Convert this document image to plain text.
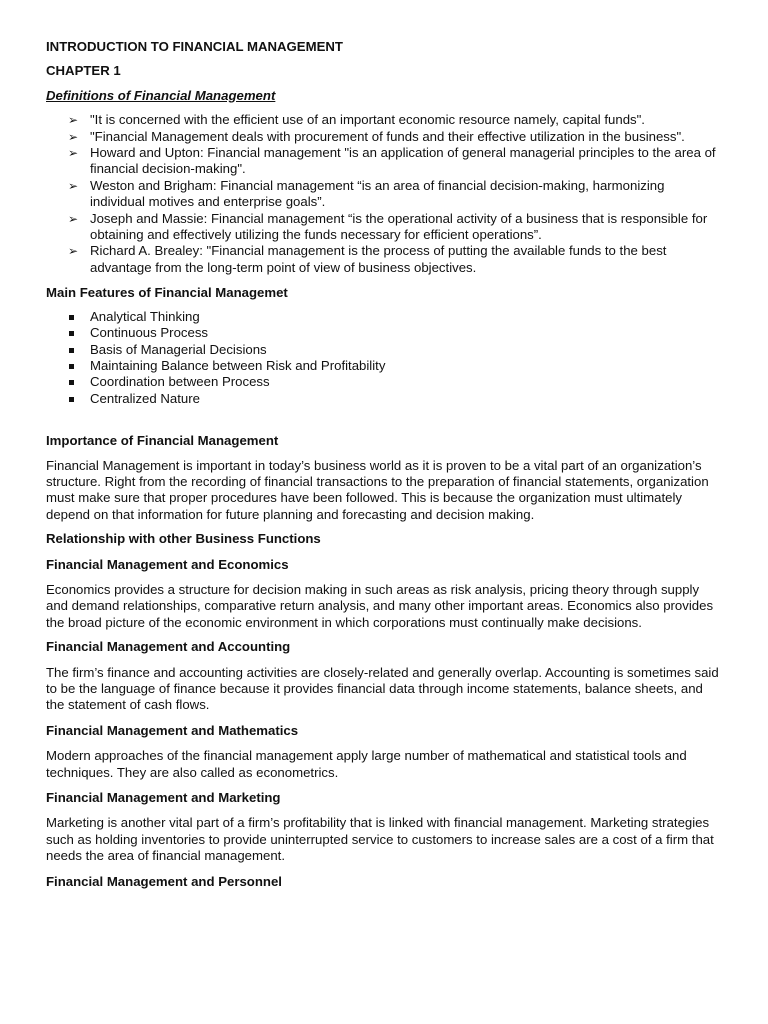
INTRODUCTION TO FINANCIAL MANAGEMENT

CHAPTER 1

Definitions of Financial Management

➢ "It is concerned with the efficient use of an important economic resource namely, capital funds".
➢ "Financial Management deals with procurement of funds and their effective utilization in the business".
➢ Howard and Upton: Financial management "is an application of general managerial principles to the area of financial decision-making".
➢ Weston and Brigham: Financial management “is an area of financial decision-making, harmonizing individual motives and enterprise goals”.
➢ Joseph and Massie: Financial management “is the operational activity of a business that is responsible for obtaining and effectively utilizing the funds necessary for efficient operations”.
➢ Richard A. Brealey: "Financial management is the process of putting the available funds to the best advantage from the long-term point of view of business objectives.

Main Features of Financial Managemet

Analytical Thinking
Continuous Process
Basis of Managerial Decisions
Maintaining Balance between Risk and Profitability
Coordination between Process
Centralized Nature

Importance of Financial Management

Financial Management is important in today’s business world as it is proven to be a vital part of an organization’s structure. Right from the recording of financial transactions to the preparation of financial statements, organization must make sure that proper procedures have been followed. This is because the organization must ultimately depend on that information for future planning and forecasting and decision making.

Relationship with other Business Functions

Financial Management and Economics

Economics provides a structure for decision making in such areas as risk analysis, pricing theory through supply and demand relationships, comparative return analysis, and many other important areas. Economics also provides the broad picture of the economic environment in which corporations must continually make decisions.

Financial Management and Accounting

The firm’s finance and accounting activities are closely-related and generally overlap. Accounting is sometimes said to be the language of finance because it provides financial data through income statements, balance sheets, and the statement of cash flows.

Financial Management and Mathematics

Modern approaches of the financial management apply large number of mathematical and statistical tools and techniques. They are also called as econometrics.

Financial Management and Marketing

Marketing is another vital part of a firm’s profitability that is linked with financial management. Marketing strategies such as holding inventories to provide uninterrupted service to customers to increase sales are a cost of a firm that needs the area of financial management.

Financial Management and Personnel
